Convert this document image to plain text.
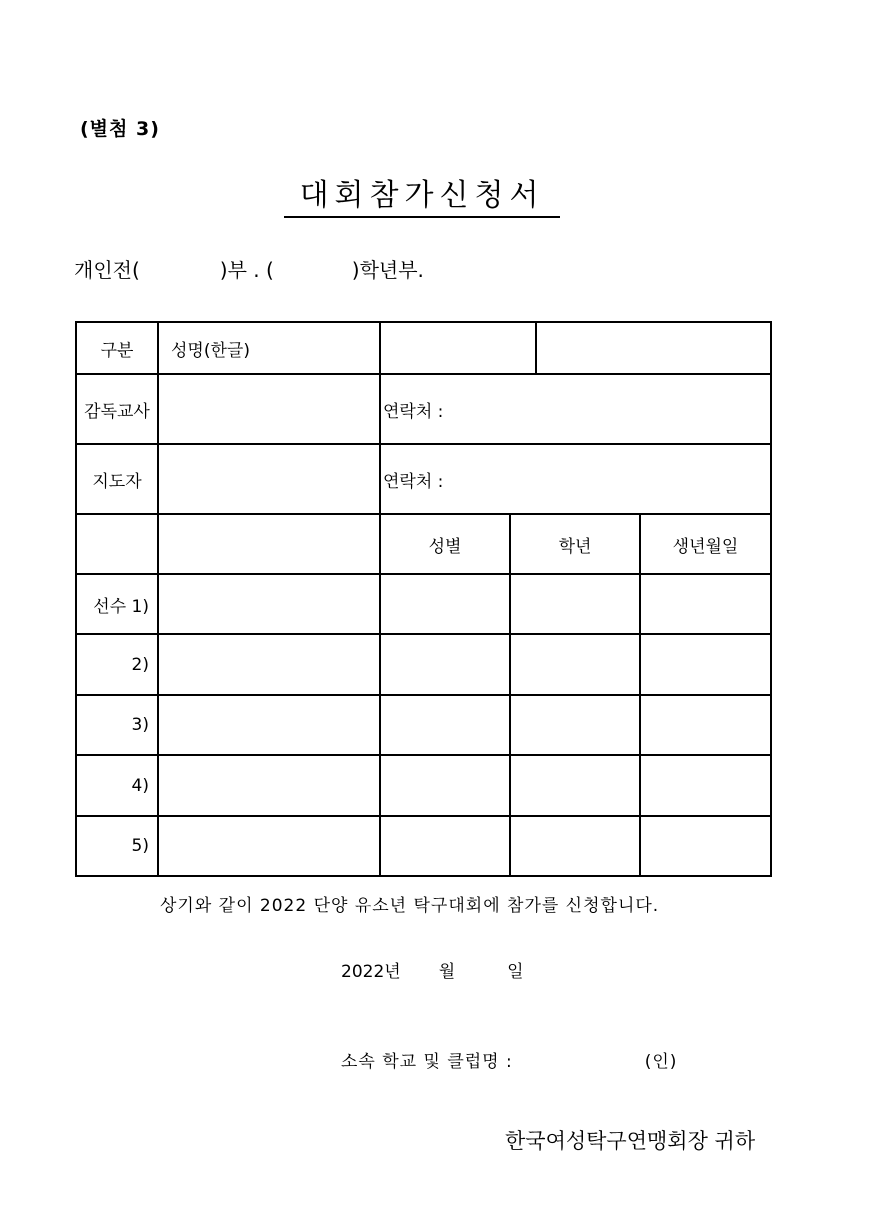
(별첨 3)
대회참가신청서
개인전(	)부 . (	)학년부.
구분	성명(한글)				
감독교사		연락처 :			
지도자		연락처 :			
		성별	학년		생년월일
선수 1)					
2)					
3)					
4)					
5)					
상기와 같이 2022 단양 유소년 탁구대회에 참가를 신청합니다.
2022년 월	일
소속 학교 및 클럽명 :	(인)
한국여성탁구연맹회장 귀하
